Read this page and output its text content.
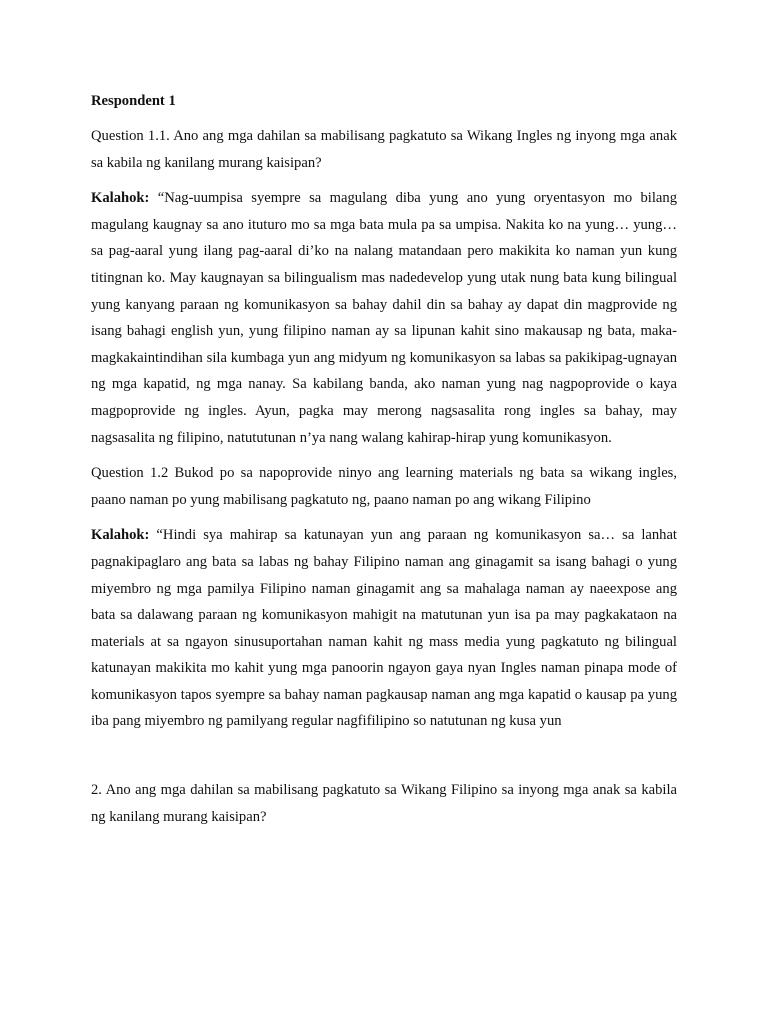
Respondent 1

Question 1.1. Ano ang mga dahilan sa mabilisang pagkatuto sa Wikang Ingles ng inyong mga anak sa kabila ng kanilang murang kaisipan?

Kalahok: “Nag-uumpisa syempre sa magulang diba yung ano yung oryentasyon mo bilang magulang kaugnay sa ano ituturo mo sa mga bata mula pa sa umpisa. Nakita ko na yung… yung… sa pag-aaral yung ilang pag-aaral di’ko na nalang matandaan pero makikita ko naman yun kung titingnan ko. May kaugnayan sa bilingualism mas nadedevelop yung utak nung bata kung bilingual yung kanyang paraan ng komunikasyon sa bahay dahil din sa bahay ay dapat din magprovide ng isang bahagi english yun, yung filipino naman ay sa lipunan kahit sino makausap ng bata, maka- magkakaintindihan sila kumbaga yun ang midyum ng komunikasyon sa labas sa pakikipag-ugnayan ng mga kapatid, ng mga nanay. Sa kabilang banda, ako naman yung nag nagpoprovide o kaya magpoprovide ng ingles. Ayun, pagka may merong nagsasalita rong ingles sa bahay, may nagsasalita ng filipino, natututunan n’ya nang walang kahirap-hirap yung komunikasyon.

Question 1.2 Bukod po sa napoprovide ninyo ang learning materials ng bata sa wikang ingles, paano naman po yung mabilisang pagkatuto ng, paano naman po ang wikang Filipino

Kalahok: “Hindi sya mahirap sa katunayan yun ang paraan ng komunikasyon sa… sa lanhat pagnakipaglaro ang bata sa labas ng bahay Filipino naman ang ginagamit sa isang bahagi o yung miyembro ng mga pamilya Filipino naman ginagamit ang sa mahalaga naman ay naeexpose ang bata sa dalawang paraan ng komunikasyon mahigit na matutunan yun isa pa may pagkakataon na materials at sa ngayon sinusuportahan naman kahit ng mass media yung pagkatuto ng bilingual katunayan makikita mo kahit yung mga panoorin ngayon gaya nyan Ingles naman pinapa mode of komunikasyon tapos syempre sa bahay naman pagkausap naman ang mga kapatid o kausap pa yung iba pang miyembro ng pamilyang regular nagfifilipino so natutunan ng kusa yun

2. Ano ang mga dahilan sa mabilisang pagkatuto sa Wikang Filipino sa inyong mga anak sa kabila ng kanilang murang kaisipan?
